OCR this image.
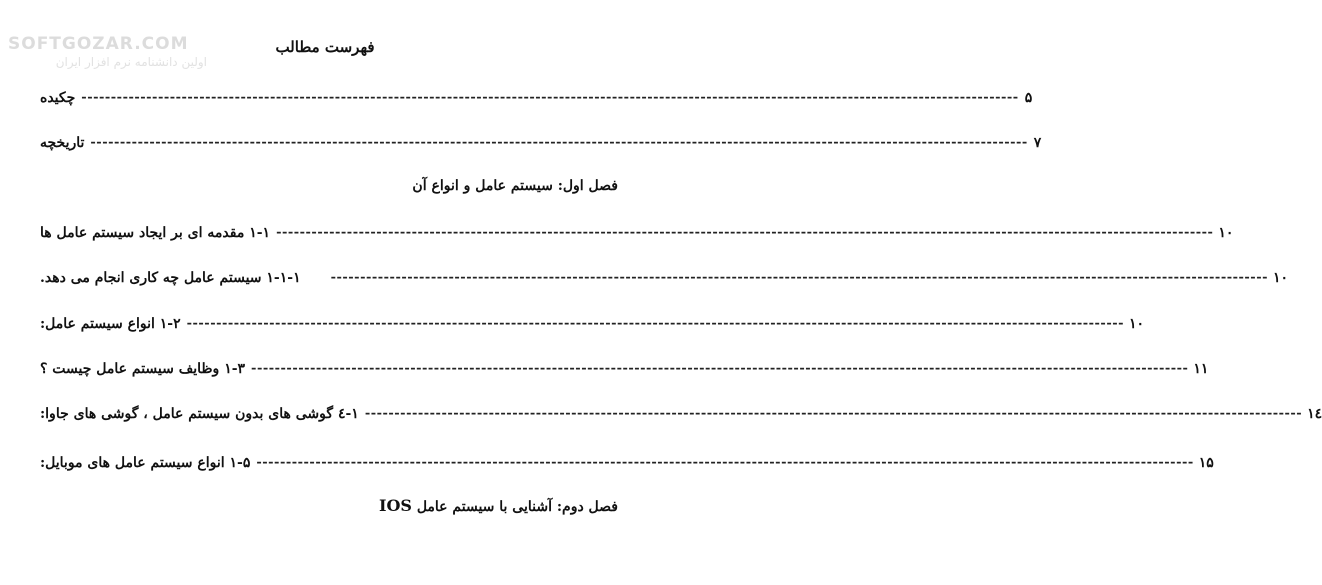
SOFTGOZAR.COM
اولین دانشنامه نرم افزار ایران
فهرست مطالب
چکیده --------------------------------------------------------------------------------------------------------------------------------------------------------------- ۵
تاریخچه --------------------------------------------------------------------------------------------------------------------------------------------------------------- ۷
فصل اول: سیستم عامل و انواع آن
۱-۱ مقدمه ای بر ایجاد سیستم عامل ها --------------------------------------------------------------------------------------------------------------------------------------------------------------- ۱۰
۱-۱-۱ سیستم عامل چه کاری انجام می دهد. --------------------------------------------------------------------------------------------------------------------------------------------------------------- ۱۰
۱-۲ انواع سیستم عامل: --------------------------------------------------------------------------------------------------------------------------------------------------------------- ۱۰
۱-۳ وظایف سیستم عامل چیست ؟ --------------------------------------------------------------------------------------------------------------------------------------------------------------- ۱۱
۱-٤ گوشی های بدون سیستم عامل ، گوشی های جاوا: --------------------------------------------------------------------------------------------------------------------------------------------------------------- ۱٤
۱-۵ انواع سیستم عامل های موبایل: --------------------------------------------------------------------------------------------------------------------------------------------------------------- ۱۵
فصل دوم: آشنایی با سیستم عامل IOS
